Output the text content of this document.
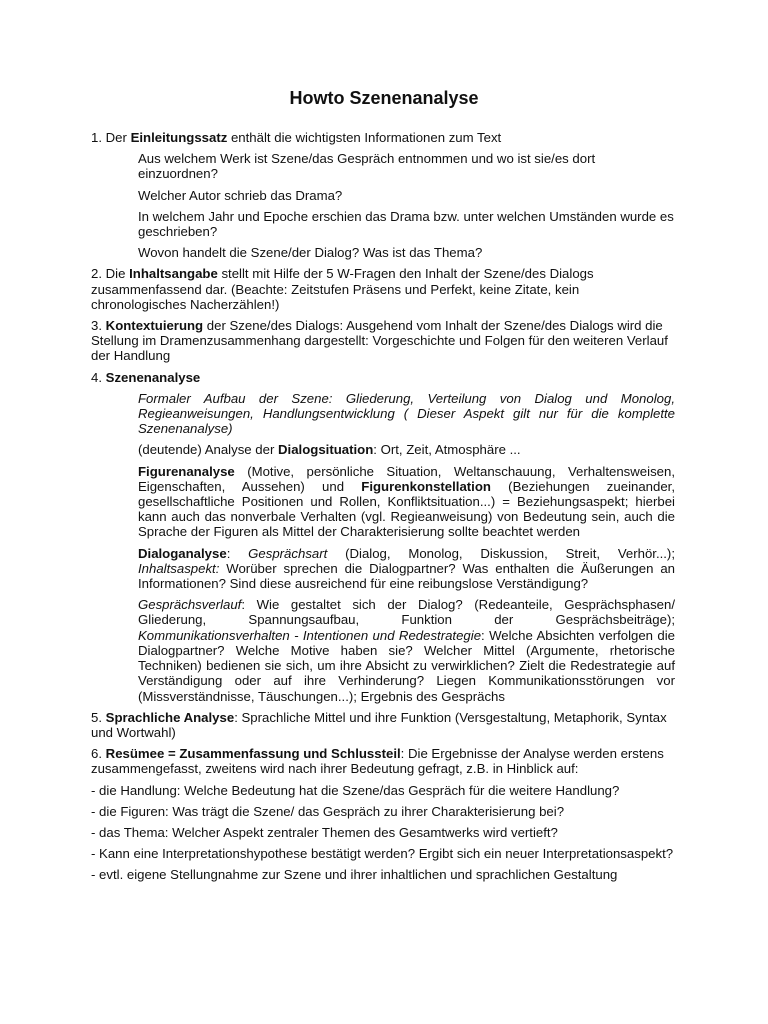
Howto Szenenanalyse

1. Der Einleitungssatz enthält die wichtigsten Informationen zum Text

Aus welchem Werk ist Szene/das Gespräch entnommen und wo ist sie/es dort einzuordnen?

Welcher Autor schrieb das Drama?

In welchem Jahr und Epoche erschien das Drama bzw. unter welchen Umständen wurde es geschrieben?

Wovon handelt die Szene/der Dialog? Was ist das Thema?

2. Die Inhaltsangabe stellt mit Hilfe der 5 W-Fragen den Inhalt der Szene/des Dialogs zusammenfassend dar. (Beachte: Zeitstufen Präsens und Perfekt, keine Zitate, kein chronologisches Nacherzählen!)

3. Kontextuierung der Szene/des Dialogs: Ausgehend vom Inhalt der Szene/des Dialogs wird die Stellung im Dramenzusammenhang dargestellt: Vorgeschichte und Folgen für den weiteren Verlauf der Handlung

4. Szenenanalyse

Formaler Aufbau der Szene: Gliederung, Verteilung von Dialog und Monolog, Regieanweisungen, Handlungsentwicklung ( Dieser Aspekt gilt nur für die komplette Szenenanalyse)

(deutende) Analyse der Dialogsituation: Ort, Zeit, Atmosphäre ...

Figurenanalyse (Motive, persönliche Situation, Weltanschauung, Verhaltensweisen, Eigenschaften, Aussehen) und Figurenkonstellation (Beziehungen zueinander, gesellschaftliche Positionen und Rollen, Konfliktsituation...) = Beziehungsaspekt; hierbei kann auch das nonverbale Verhalten (vgl. Regieanweisung) von Bedeutung sein, auch die Sprache der Figuren als Mittel der Charakterisierung sollte beachtet werden

Dialoganalyse: Gesprächsart (Dialog, Monolog, Diskussion, Streit, Verhör...); Inhaltsaspekt: Worüber sprechen die Dialogpartner? Was enthalten die Äußerungen an Informationen? Sind diese ausreichend für eine reibungslose Verständigung?

Gesprächsverlauf: Wie gestaltet sich der Dialog? (Redeanteile, Gesprächsphasen/ Gliederung, Spannungsaufbau, Funktion der Gesprächsbeiträge); Kommunikationsverhalten - Intentionen und Redestrategie: Welche Absichten verfolgen die Dialogpartner? Welche Motive haben sie? Welcher Mittel (Argumente, rhetorische Techniken) bedienen sie sich, um ihre Absicht zu verwirklichen? Zielt die Redestrategie auf Verständigung oder auf ihre Verhinderung? Liegen Kommunikationsstörungen vor (Missverständnisse, Täuschungen...); Ergebnis des Gesprächs

5. Sprachliche Analyse: Sprachliche Mittel und ihre Funktion (Versgestaltung, Metaphorik, Syntax und Wortwahl)

6. Resümee = Zusammenfassung und Schlussteil: Die Ergebnisse der Analyse werden erstens zusammengefasst, zweitens wird nach ihrer Bedeutung gefragt, z.B. in Hinblick auf:

- die Handlung: Welche Bedeutung hat die Szene/das Gespräch für die weitere Handlung?

- die Figuren: Was trägt die Szene/ das Gespräch zu ihrer Charakterisierung bei?

- das Thema: Welcher Aspekt zentraler Themen des Gesamtwerks wird vertieft?

- Kann eine Interpretationshypothese bestätigt werden? Ergibt sich ein neuer Interpretationsaspekt?

- evtl. eigene Stellungnahme zur Szene und ihrer inhaltlichen und sprachlichen Gestaltung
